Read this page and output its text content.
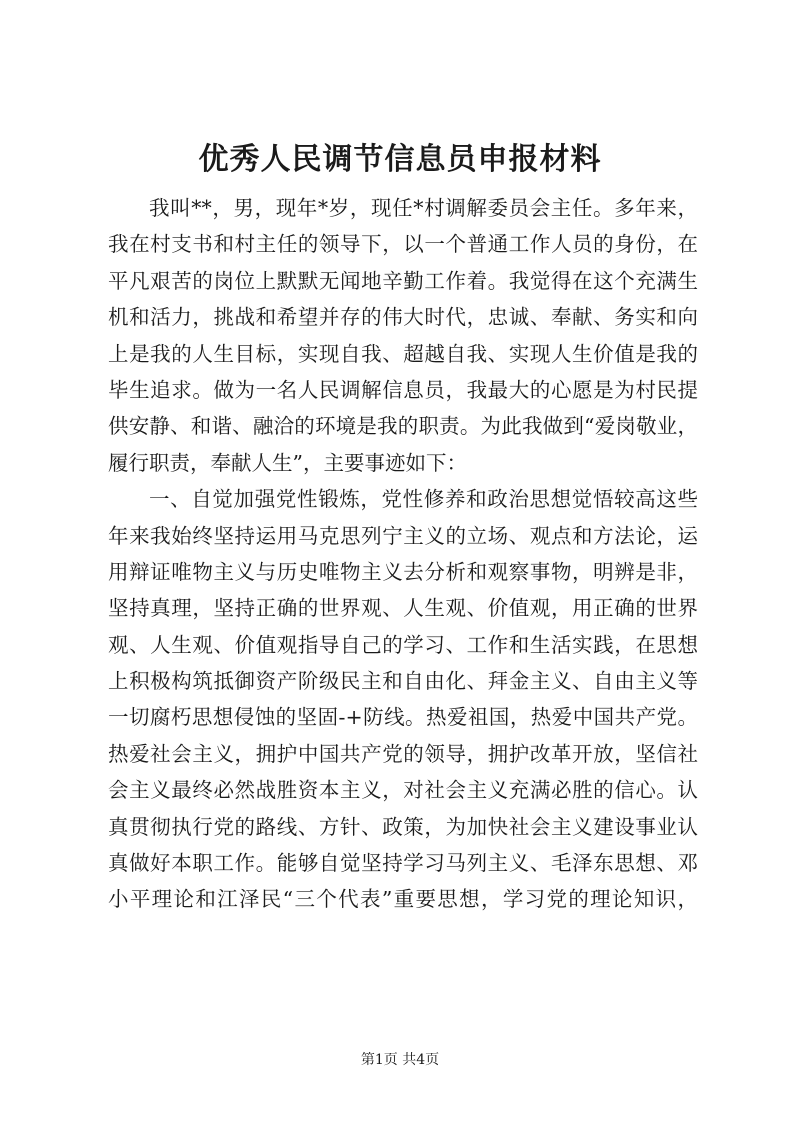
优秀人民调节信息员申报材料
我叫**，男，现年*岁，现任*村调解委员会主任。多年来，
我在村支书和村主任的领导下，以一个普通工作人员的身份，在
平凡艰苦的岗位上默默无闻地辛勤工作着。我觉得在这个充满生
机和活力，挑战和希望并存的伟大时代，忠诚、奉献、务实和向
上是我的人生目标，实现自我、超越自我、实现人生价值是我的
毕生追求。做为一名人民调解信息员，我最大的心愿是为村民提
供安静、和谐、融洽的环境是我的职责。为此我做到“爱岗敬业，
履行职责，奉献人生”，主要事迹如下：
一、自觉加强党性锻炼，党性修养和政治思想觉悟较高这些
年来我始终坚持运用马克思列宁主义的立场、观点和方法论，运
用辩证唯物主义与历史唯物主义去分析和观察事物，明辨是非，
坚持真理，坚持正确的世界观、人生观、价值观，用正确的世界
观、人生观、价值观指导自己的学习、工作和生活实践，在思想
上积极构筑抵御资产阶级民主和自由化、拜金主义、自由主义等
一切腐朽思想侵蚀的坚固-+防线。热爱祖国，热爱中国共产党。
热爱社会主义，拥护中国共产党的领导，拥护改革开放，坚信社
会主义最终必然战胜资本主义，对社会主义充满必胜的信心。认
真贯彻执行党的路线、方针、政策，为加快社会主义建设事业认
真做好本职工作。能够自觉坚持学习马列主义、毛泽东思想、邓
小平理论和江泽民“三个代表”重要思想，学习党的理论知识，
第1页 共4页
